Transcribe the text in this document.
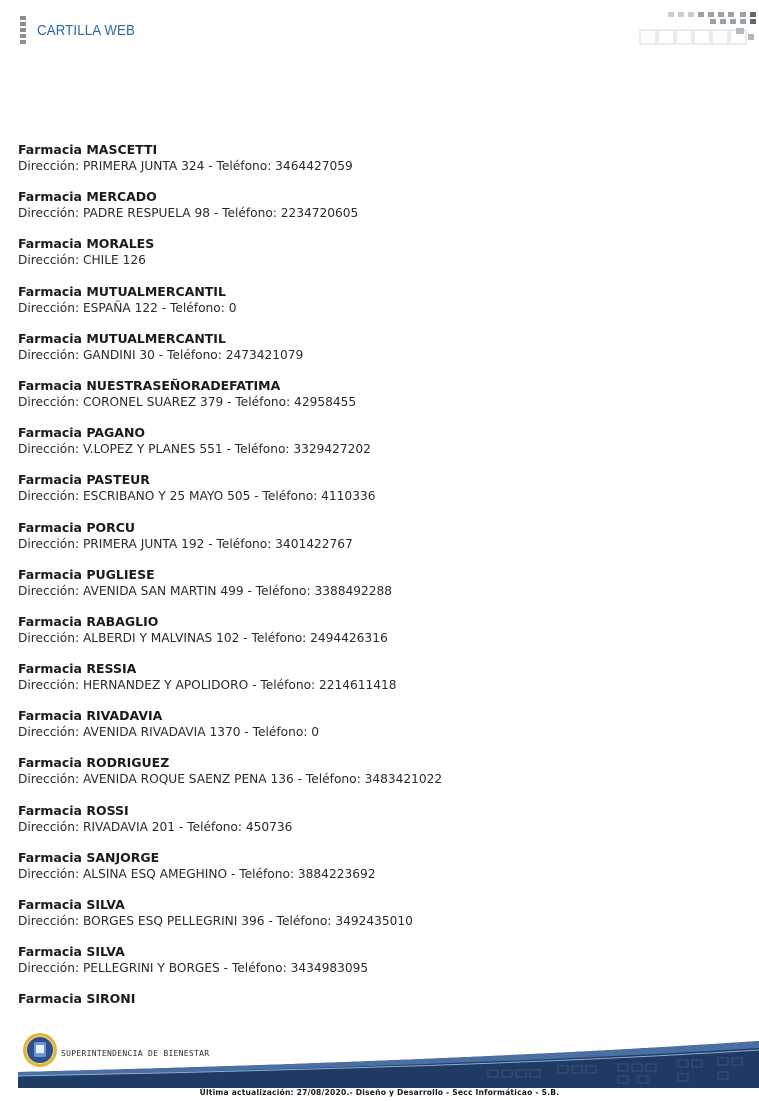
CARTILLA WEB
Farmacia MASCETTI
Dirección: PRIMERA JUNTA 324 - Teléfono: 3464427059
Farmacia MERCADO
Dirección: PADRE RESPUELA 98 - Teléfono: 2234720605
Farmacia MORALES
Dirección: CHILE 126
Farmacia MUTUALMERCANTIL
Dirección: ESPAÑA 122 - Teléfono: 0
Farmacia MUTUALMERCANTIL
Dirección: GANDINI 30 - Teléfono: 2473421079
Farmacia NUESTRASEÑORADEFATIMA
Dirección: CORONEL SUAREZ 379 - Teléfono: 42958455
Farmacia PAGANO
Dirección: V.LOPEZ Y PLANES 551 - Teléfono: 3329427202
Farmacia PASTEUR
Dirección: ESCRIBANO Y 25 MAYO 505 - Teléfono: 4110336
Farmacia PORCU
Dirección: PRIMERA JUNTA 192 - Teléfono: 3401422767
Farmacia PUGLIESE
Dirección: AVENIDA SAN MARTIN 499 - Teléfono: 3388492288
Farmacia RABAGLIO
Dirección: ALBERDI Y MALVINAS 102 - Teléfono: 2494426316
Farmacia RESSIA
Dirección: HERNANDEZ Y APOLIDORO - Teléfono: 2214611418
Farmacia RIVADAVIA
Dirección: AVENIDA RIVADAVIA 1370 - Teléfono: 0
Farmacia RODRIGUEZ
Dirección: AVENIDA ROQUE SAENZ PENA 136 - Teléfono: 3483421022
Farmacia ROSSI
Dirección: RIVADAVIA 201 - Teléfono: 450736
Farmacia SANJORGE
Dirección: ALSINA ESQ AMEGHINO - Teléfono: 3884223692
Farmacia SILVA
Dirección: BORGES ESQ PELLEGRINI 396 - Teléfono: 3492435010
Farmacia SILVA
Dirección: PELLEGRINI Y BORGES - Teléfono: 3434983095
Farmacia SIRONI
SUPERINTENDENCIA DE BIENESTAR
Última actualización: 27/08/2020.- Diseño y Desarrollo - Secc Informáticao - S.B.
